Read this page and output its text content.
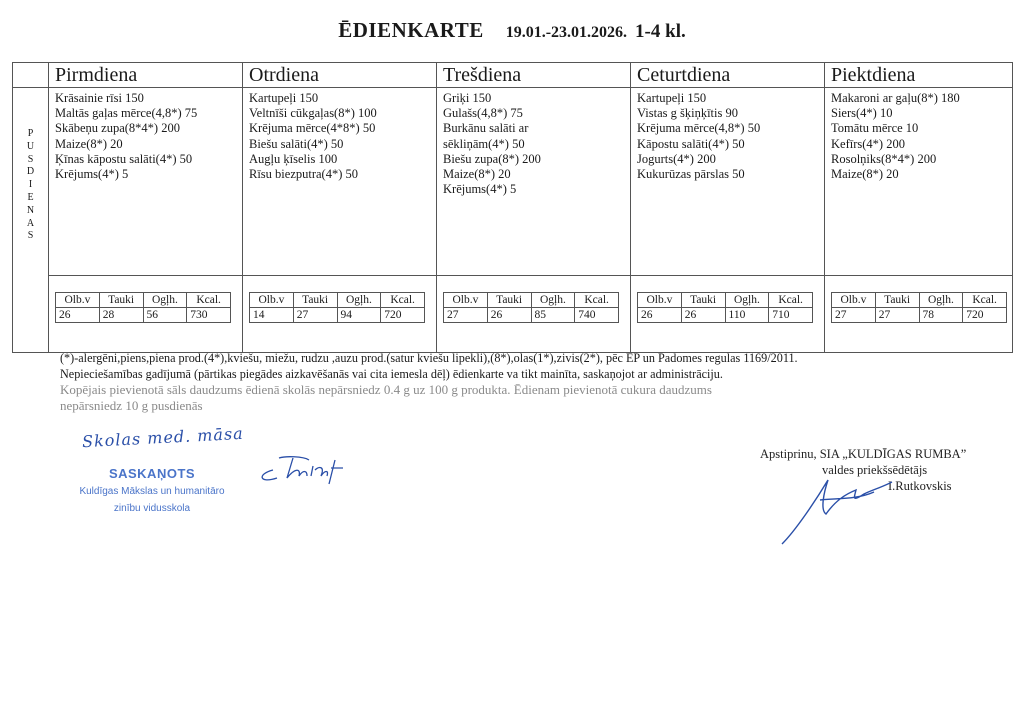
ĒDIENKARTE 19.01.-23.01.2026. 1-4 kl.
	Pirmdiena	Otrdiena	Trešdiena	Ceturtdiena	Piektdiena

P
U
S
D
I
E
N
A
S

Krāsainie rīsi 150
Maltās gaļas mērce(4,8*) 75
Skābeņu zupa(8*4*) 200
Maize(8*) 20
Ķīnas kāpostu salāti(4*) 50
Krējums(4*) 5

Kartupeļi 150
Veltnīši cūkgaļas(8*) 100
Krējuma mērce(4*8*) 50
Biešu salāti(4*) 50
Augļu ķīselis 100
Rīsu biezputra(4*) 50

Griķi 150
Gulašs(4,8*) 75
Burkānu salāti ar
sēkliņām(4*) 50
Biešu zupa(8*) 200
Maize(8*) 20
Krējums(4*) 5

Kartupeļi 150
Vistas g šķiņķītis 90
Krējuma mērce(4,8*) 50
Kāpostu salāti(4*) 50
Jogurts(4*) 200
Kukurūzas pārslas 50

Makaroni ar gaļu(8*) 180
Siers(4*) 10
Tomātu mērce 10
Kefīrs(4*) 200
Rosolņiks(8*4*) 200
Maize(8*) 20

Olb.v	Tauki	Ogļh.	Kcal.
26	28	56	730

Olb.v	Tauki	Ogļh.	Kcal.
14	27	94	720

Olb.v	Tauki	Ogļh.	Kcal.
27	26	85	740

Olb.v	Tauki	Ogļh.	Kcal.
26	26	110	710

Olb.v	Tauki	Ogļh.	Kcal.
27	27	78	720

(*)-alergēni,piens,piena prod.(4*),kviešu, miežu, rudzu ,auzu prod.(satur kviešu lipekli),(8*),olas(1*),zivis(2*), pēc EP un Padomes regulas 1169/2011.

Nepieciešamības gadījumā (pārtikas piegādes aizkavēšanās vai cita iemesla dēļ) ēdienkarte va tikt mainīta, saskaņojot ar administrāciju.

Kopējais pievienotā sāls daudzums ēdienā skolās nepārsniedz 0.4 g uz 100 g produkta. Ēdienam pievienotā cukura daudzums

nepārsniedz 10 g pusdienās

Skolas med. māsa
SASKAŅOTS
Kuldīgas Mākslas un humanitāro
zinību vidusskola

Apstiprinu, SIA „KULDĪGAS RUMBA”

valdes priekšsēdētājs

I.Rutkovskis
